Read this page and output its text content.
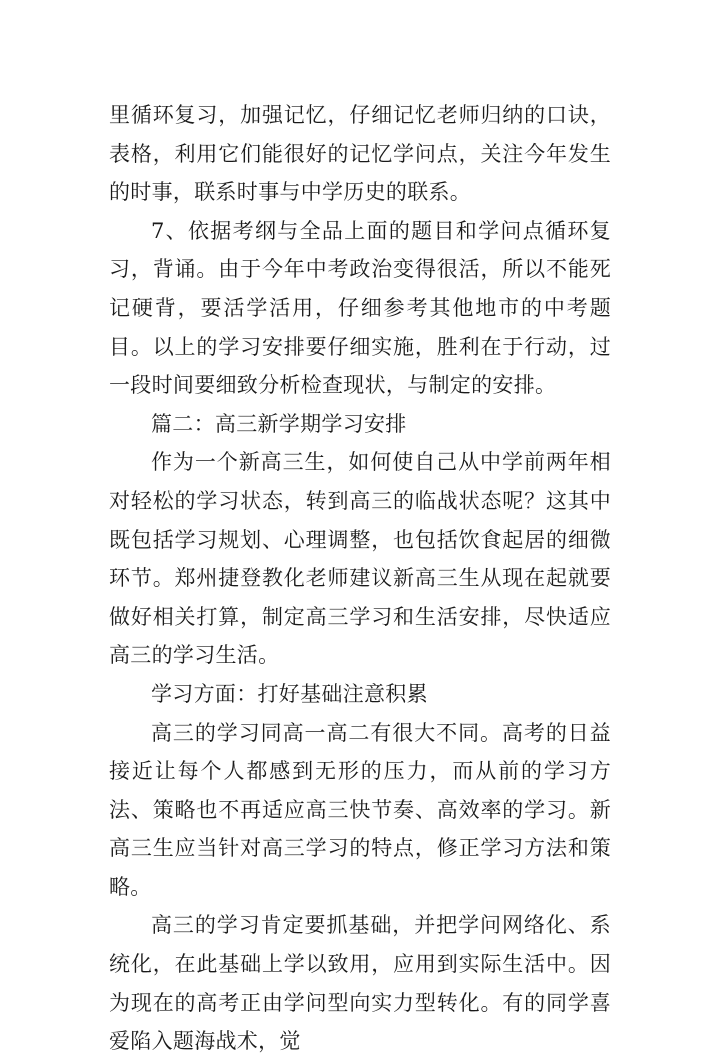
里循环复习，加强记忆，仔细记忆老师归纳的口诀，表格，利用它们能很好的记忆学问点，关注今年发生的时事，联系时事与中学历史的联系。

7、依据考纲与全品上面的题目和学问点循环复习，背诵。由于今年中考政治变得很活，所以不能死记硬背，要活学活用，仔细参考其他地市的中考题目。以上的学习安排要仔细实施，胜利在于行动，过一段时间要细致分析检查现状，与制定的安排。

篇二：高三新学期学习安排

作为一个新高三生，如何使自己从中学前两年相对轻松的学习状态，转到高三的临战状态呢？这其中既包括学习规划、心理调整，也包括饮食起居的细微环节。郑州捷登教化老师建议新高三生从现在起就要做好相关打算，制定高三学习和生活安排，尽快适应高三的学习生活。

学习方面：打好基础注意积累

高三的学习同高一高二有很大不同。高考的日益接近让每个人都感到无形的压力，而从前的学习方法、策略也不再适应高三快节奏、高效率的学习。新高三生应当针对高三学习的特点，修正学习方法和策略。

高三的学习肯定要抓基础，并把学问网络化、系统化，在此基础上学以致用，应用到实际生活中。因为现在的高考正由学问型向实力型转化。有的同学喜爱陷入题海战术，觉
